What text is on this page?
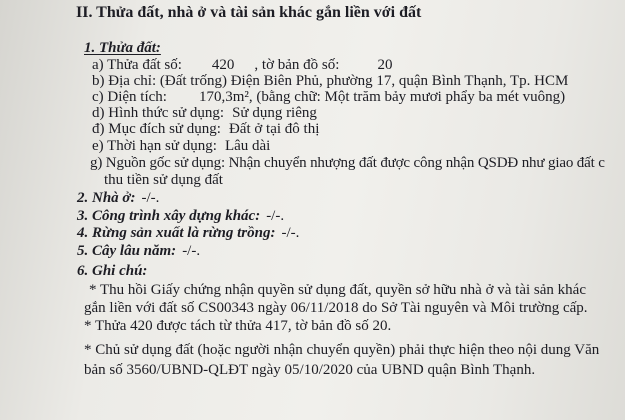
II. Thửa đất, nhà ở và tài sản khác gắn liền với đất
1. Thửa đất:
a) Thửa đất số: 420 , tờ bản đồ số:	20
b) Địa chỉ: (Đất trống) Điện Biên Phủ, phường 17, quận Bình Thạnh, Tp. HCM
c) Diện tích: 170,3m², (bằng chữ: Một trăm bảy mươi phẩy ba mét vuông)
d) Hình thức sử dụng: Sử dụng riêng
đ) Mục đích sử dụng: Đất ở tại đô thị
e) Thời hạn sử dụng: Lâu dài
g) Nguồn gốc sử dụng: Nhận chuyển nhượng đất được công nhận QSDĐ như giao đất c
thu tiền sử dụng đất
2. Nhà ở: -/-.
3. Công trình xây dựng khác: -/-.
4. Rừng sản xuất là rừng trồng: -/-.
5. Cây lâu năm: -/-.
6. Ghi chú:
* Thu hồi Giấy chứng nhận quyền sử dụng đất, quyền sở hữu nhà ở và tài sản khác
gắn liền với đất số CS00343 ngày 06/11/2018 do Sở Tài nguyên và Môi trường cấp.
* Thửa 420 được tách từ thửa 417, tờ bản đồ số 20.
* Chủ sử dụng đất (hoặc người nhận chuyển quyền) phải thực hiện theo nội dung Văn
bản số 3560/UBND-QLĐT ngày 05/10/2020 của UBND quận Bình Thạnh.
